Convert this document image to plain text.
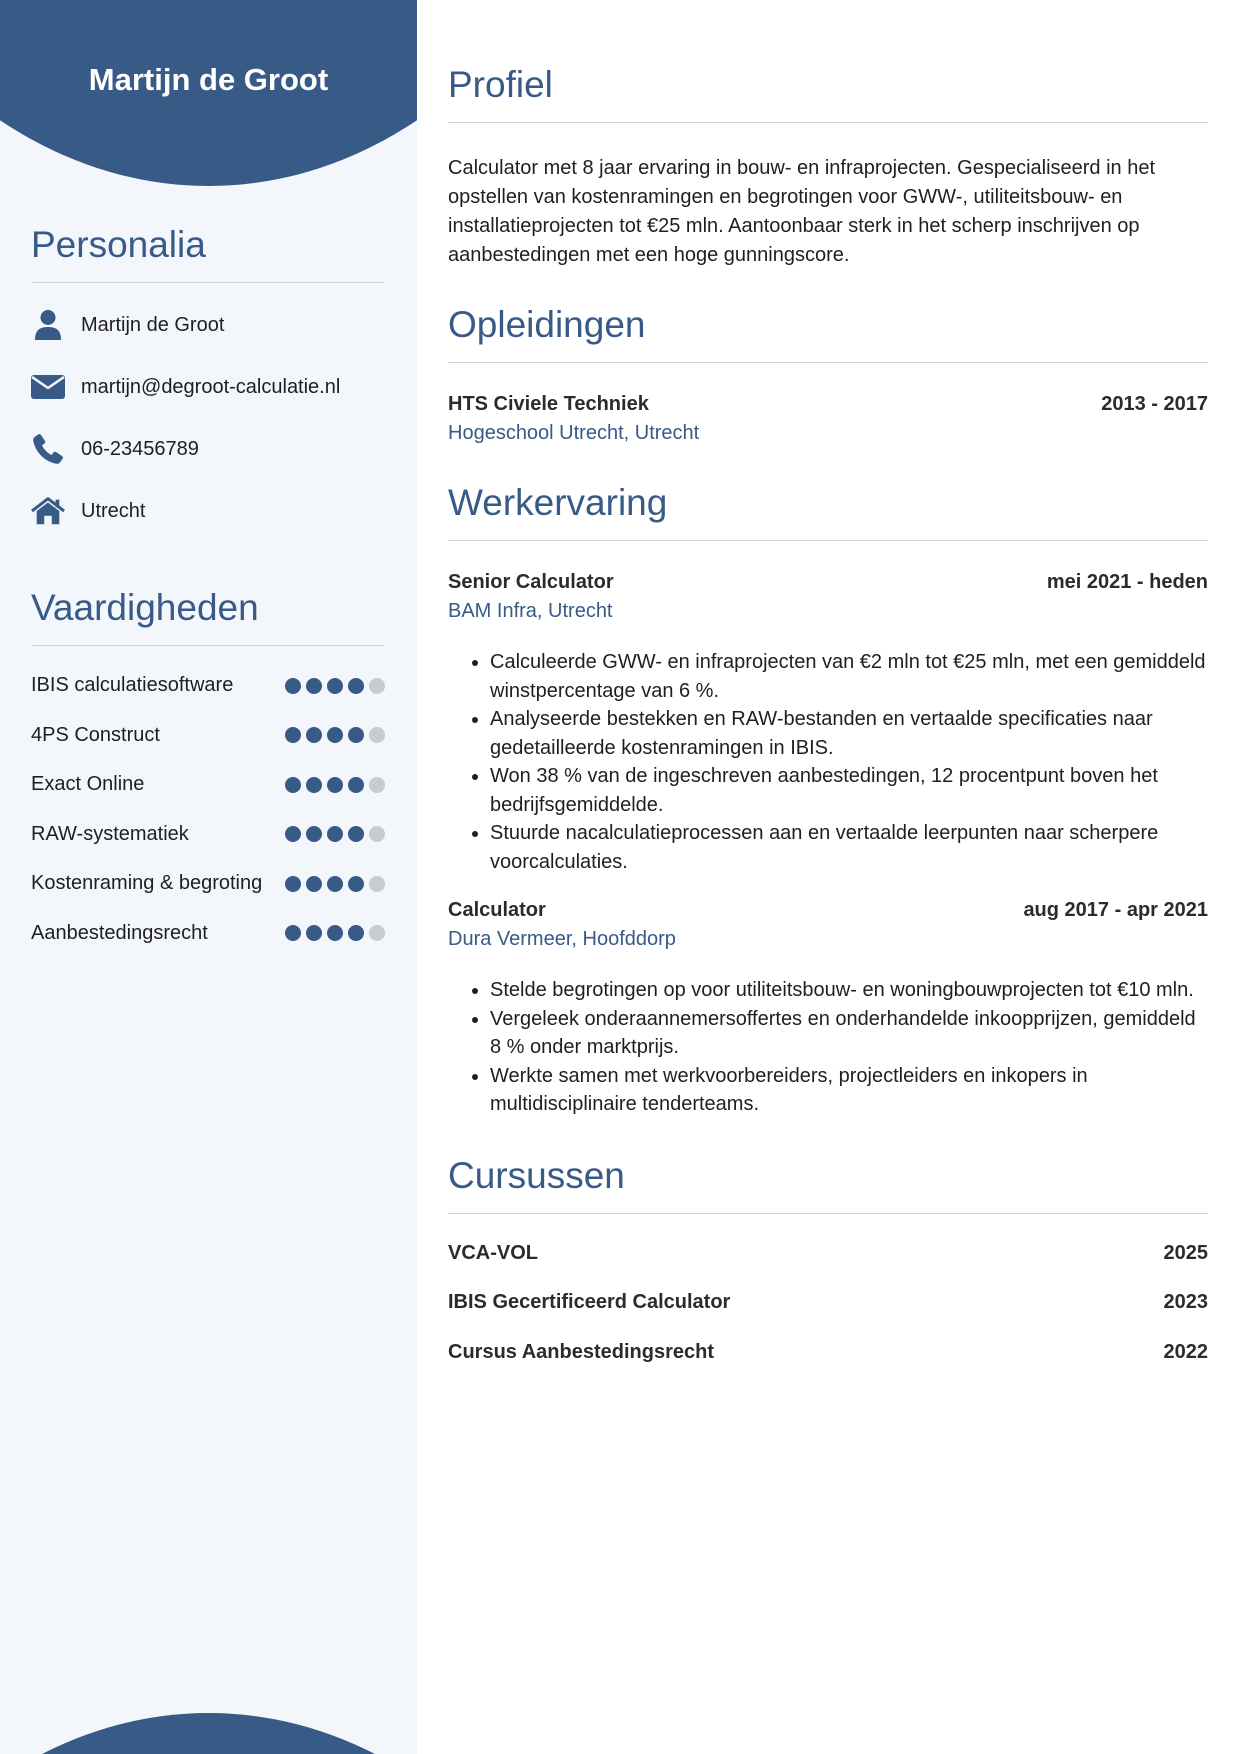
Martijn de Groot
Personalia
Martijn de Groot
martijn@degroot-calculatie.nl
06-23456789
Utrecht
Vaardigheden
IBIS calculatiesoftware
4PS Construct
Exact Online
RAW-systematiek
Kostenraming & begroting
Aanbestedingsrecht
Profiel

Calculator met 8 jaar ervaring in bouw- en infraprojecten. Gespecialiseerd in het opstellen van kostenramingen en begrotingen voor GWW-, utiliteitsbouw- en installatieprojecten tot €25 mln. Aantoonbaar sterk in het scherp inschrijven op aanbestedingen met een hoge gunningscore.

Opleidingen
HTS Civiele Techniek	2013 - 2017
Hogeschool Utrecht, Utrecht
Werkervaring
Senior Calculator	mei 2021 - heden
BAM Infra, Utrecht
• Calculeerde GWW- en infraprojecten van €2 mln tot €25 mln, met een gemiddeld winstpercentage van 6 %.
• Analyseerde bestekken en RAW-bestanden en vertaalde specificaties naar gedetailleerde kostenramingen in IBIS.
• Won 38 % van de ingeschreven aanbestedingen, 12 procentpunt boven het bedrijfsgemiddelde.
• Stuurde nacalculatieprocessen aan en vertaalde leerpunten naar scherpere voorcalculaties.
Calculator	aug 2017 - apr 2021
Dura Vermeer, Hoofddorp
• Stelde begrotingen op voor utiliteitsbouw- en woningbouwprojecten tot €10 mln.
• Vergeleek onderaannemersoffertes en onderhandelde inkoopprijzen, gemiddeld 8 % onder marktprijs.
• Werkte samen met werkvoorbereiders, projectleiders en inkopers in multidisciplinaire tenderteams.
Cursussen
VCA-VOL	2025
IBIS Gecertificeerd Calculator	2023
Cursus Aanbestedingsrecht	2022
